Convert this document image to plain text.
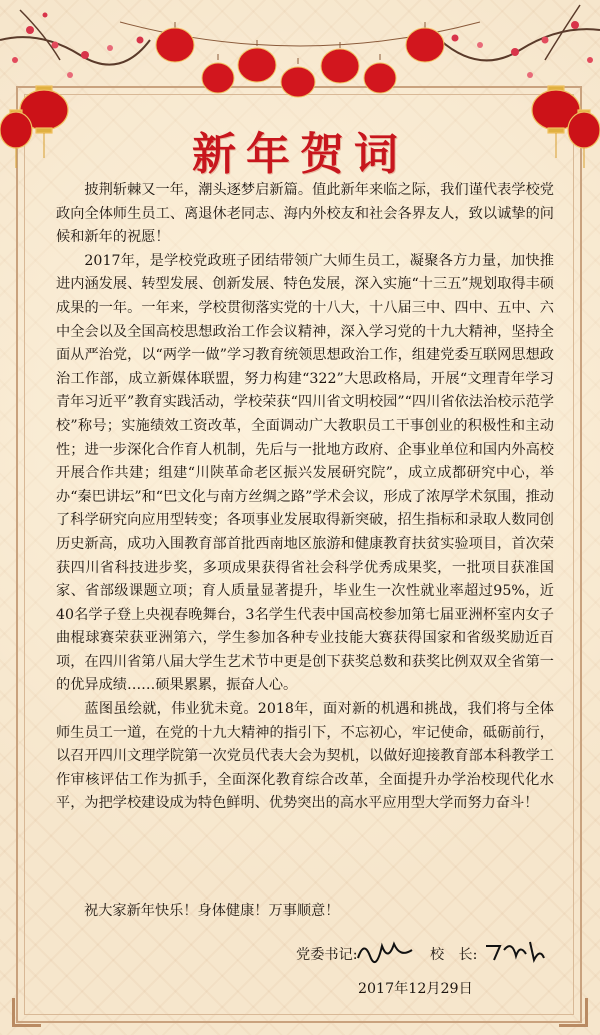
新年贺词

披荆斩棘又一年，潮头逐梦启新篇。值此新年来临之际，我们谨代表学校党政向全体师生员工、离退休老同志、海内外校友和社会各界友人，致以诚挚的问候和新年的祝愿！

2017年，是学校党政班子团结带领广大师生员工，凝聚各方力量，加快推进内涵发展、转型发展、创新发展、特色发展，深入实施“十三五”规划取得丰硕成果的一年。一年来，学校贯彻落实党的十八大，十八届三中、四中、五中、六中全会以及全国高校思想政治工作会议精神，深入学习党的十九大精神，坚持全面从严治党，以“两学一做”学习教育统领思想政治工作，组建党委互联网思想政治工作部，成立新媒体联盟，努力构建“322”大思政格局，开展“文理青年学习青年习近平”教育实践活动，学校荣获“四川省文明校园”“四川省依法治校示范学校”称号；实施绩效工资改革，全面调动广大教职员工干事创业的积极性和主动性；进一步深化合作育人机制，先后与一批地方政府、企事业单位和国内外高校开展合作共建；组建“川陕革命老区振兴发展研究院”，成立成都研究中心，举办“秦巴讲坛”和“巴文化与南方丝绸之路”学术会议，形成了浓厚学术氛围，推动了科学研究向应用型转变；各项事业发展取得新突破，招生指标和录取人数同创历史新高，成功入围教育部首批西南地区旅游和健康教育扶贫实验项目，首次荣获四川省科技进步奖，多项成果获得省社会科学优秀成果奖，一批项目获准国家、省部级课题立项；育人质量显著提升，毕业生一次性就业率超过95%，近40名学子登上央视春晚舞台，3名学生代表中国高校参加第七届亚洲杯室内女子曲棍球赛荣获亚洲第六，学生参加各种专业技能大赛获得国家和省级奖励近百项，在四川省第八届大学生艺术节中更是创下获奖总数和获奖比例双双全省第一的优异成绩……硕果累累，振奋人心。

蓝图虽绘就，伟业犹未竟。2018年，面对新的机遇和挑战，我们将与全体师生员工一道，在党的十九大精神的指引下，不忘初心，牢记使命，砥砺前行，以召开四川文理学院第一次党员代表大会为契机，以做好迎接教育部本科教学工作审核评估工作为抓手，全面深化教育综合改革，全面提升办学治校现代化水平，为把学校建设成为特色鲜明、优势突出的高水平应用型大学而努力奋斗！

祝大家新年快乐！身体健康！万事顺意！
党委书记:	校　长:
2017年12月29日
